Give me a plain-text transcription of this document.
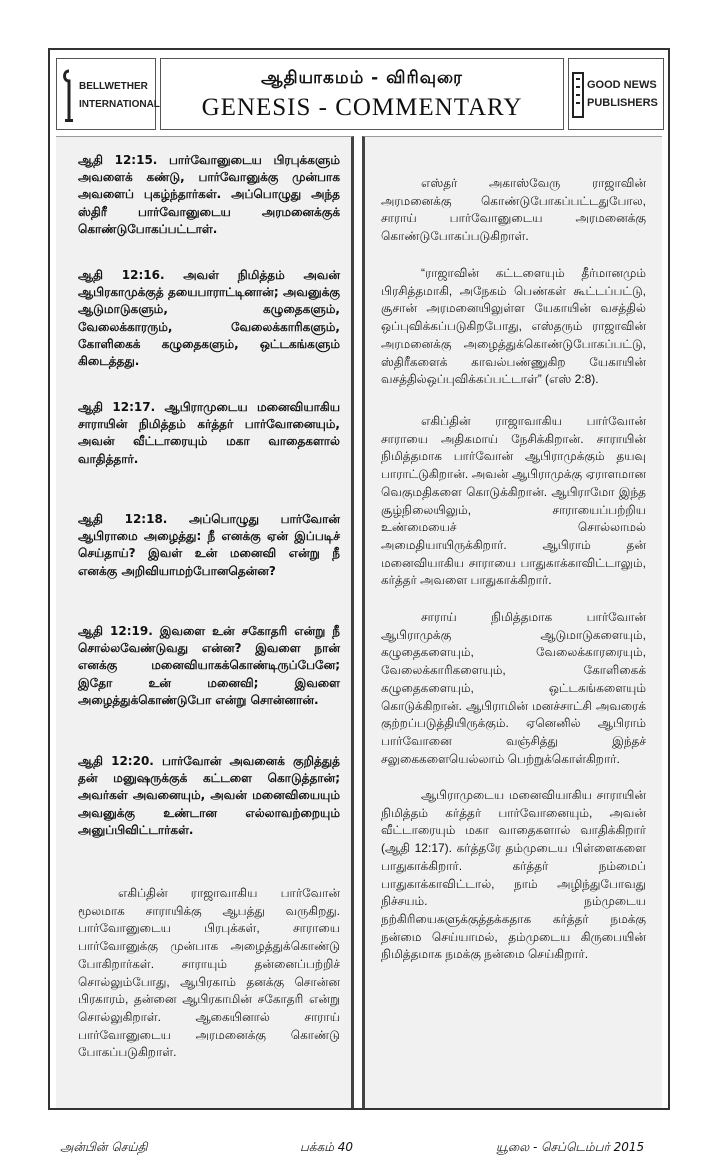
BELLWETHER
INTERNATIONAL
ஆதியாகமம் - விரிவுரை
GENESIS - COMMENTARY
GOOD NEWS
PUBLISHERS

ஆதி 12:15. பார்வோனுடைய பிரபுக்களும் அவளைக் கண்டு, பார்வோனுக்கு முன்பாக அவளைப் புகழ்ந்தார்கள். அப்பொழுது அந்த ஸ்திரீ பார்வோனுடைய அரமனைக்குக் கொண்டுபோகப்பட்டாள்.

ஆதி 12:16. அவள் நிமித்தம் அவன் ஆபிரகாமுக்குத் தயைபாராட்டினான்; அவனுக்கு ஆடுமாடுகளும், கழுதைகளும், வேலைக்காரரும், வேலைக்காரிகளும், கோளிகைக் கழுதைகளும், ஒட்டகங்களும் கிடைத்தது.

ஆதி 12:17. ஆபிராமுடைய மனைவியாகிய சாராயின் நிமித்தம் கர்த்தர் பார்வோனையும், அவன் வீட்டாரையும் மகா வாதைகளால் வாதித்தார்.

ஆதி 12:18. அப்பொழுது பார்வோன் ஆபிராமை அழைத்து: நீ எனக்கு ஏன் இப்படிச் செய்தாய்? இவள் உன் மனைவி என்று நீ எனக்கு அறிவியாமற்போனதென்ன?

ஆதி 12:19. இவளை உன் சகோதரி என்று நீ சொல்லவேண்டுவது என்ன? இவளை நான் எனக்கு மனைவியாகக்கொண்டிருப்பேனே; இதோ உன் மனைவி; இவளை அழைத்துக்கொண்டுபோ என்று சொன்னான்.

ஆதி 12:20. பார்வோன் அவனைக் குறித்துத் தன் மனுஷருக்குக் கட்டளை கொடுத்தான்; அவர்கள் அவனையும், அவன் மனைவியையும் அவனுக்கு உண்டான எல்லாவற்றையும் அனுப்பிவிட்டார்கள்.

எகிப்தின் ராஜாவாகிய பார்வோன் மூலமாக சாராயிக்கு ஆபத்து வருகிறது. பார்வோனுடைய பிரபுக்கள், சாராயை பார்வோனுக்கு முன்பாக அழைத்துக்கொண்டு போகிறார்கள். சாராயும் தன்னைப்பற்றிச் சொல்லும்போது, ஆபிரகாம் தனக்கு சொன்ன பிரகாரம், தன்னை ஆபிரகாமின் சகோதரி என்று சொல்லுகிறாள். ஆகையினால் சாராய் பார்வோனுடைய அரமனைக்கு கொண்டு போகப்படுகிறாள்.

எஸ்தர் அகாஸ்வேரு ராஜாவின் அரமனைக்கு கொண்டுபோகப்பட்டதுபோல, சாராய் பார்வோனுடைய அரமனைக்கு கொண்டுபோகப்படுகிறாள்.

“ராஜாவின் கட்டளையும் தீர்மானமும் பிரசித்தமாகி, அநேகம் பெண்கள் கூட்டப்பட்டு, சூசான் அரமனையிலுள்ள யேகாயின் வசத்தில் ஒப்புவிக்கப்படுகிறபோது, எஸ்தரும் ராஜாவின் அரமனைக்கு அழைத்துக்கொண்டுபோகப்பட்டு, ஸ்திரீகளைக் காவல்பண்ணுகிற யேகாயின் வசத்தில்ஒப்புவிக்கப்பட்டாள்” (எஸ் 2:8).

எகிப்தின் ராஜாவாகிய பார்வோன் சாராயை அதிகமாய் நேசிக்கிறான். சாராயின் நிமித்தமாக பார்வோன் ஆபிராமுக்கும் தயவு பாராட்டுகிறான். அவன் ஆபிராமுக்கு ஏராளமான வெகுமதிகளை கொடுக்கிறான். ஆபிராமோ இந்த சூழ்நிலையிலும், சாராயைப்பற்றிய உண்மையைச் சொல்லாமல் அமைதியாயிருக்கிறார். ஆபிராம் தன் மனைவியாகிய சாராயை பாதுகாக்காவிட்டாலும், கர்த்தர் அவளை பாதுகாக்கிறார்.

சாராய் நிமித்தமாக பார்வோன் ஆபிராமுக்கு ஆடுமாடுகளையும், கழுதைகளையும், வேலைக்காரரையும், வேலைக்காரிகளையும், கோளிகைக் கழுதைகளையும், ஒட்டகங்களையும் கொடுக்கிறான். ஆபிராமின் மனச்சாட்சி அவரைக் குற்றப்படுத்தியிருக்கும். ஏனெனில் ஆபிராம் பார்வோனை வஞ்சித்து இந்தச் சலுகைகளையெல்லாம் பெற்றுக்கொள்கிறார்.

ஆபிராமுடைய மனைவியாகிய சாராயின் நிமித்தம் கர்த்தர் பார்வோனையும், அவன் வீட்டாரையும் மகா வாதைகளால் வாதிக்கிறார் (ஆதி 12:17). கர்த்தரே தம்முடைய பிள்ளைகளை பாதுகாக்கிறார். கர்த்தர் நம்மைப் பாதுகாக்காவிட்டால், நாம் அழிந்துபோவது நிச்சயம். நம்முடைய நற்கிரியைகளுக்குத்தக்கதாக கர்த்தர் நமக்கு நன்மை செய்யாமல், தம்முடைய கிருபையின் நிமித்தமாக நமக்கு நன்மை செய்கிறார்.

அன்பின் செய்தி	பக்கம் 40	யூலை - செப்டெம்பர் 2015
